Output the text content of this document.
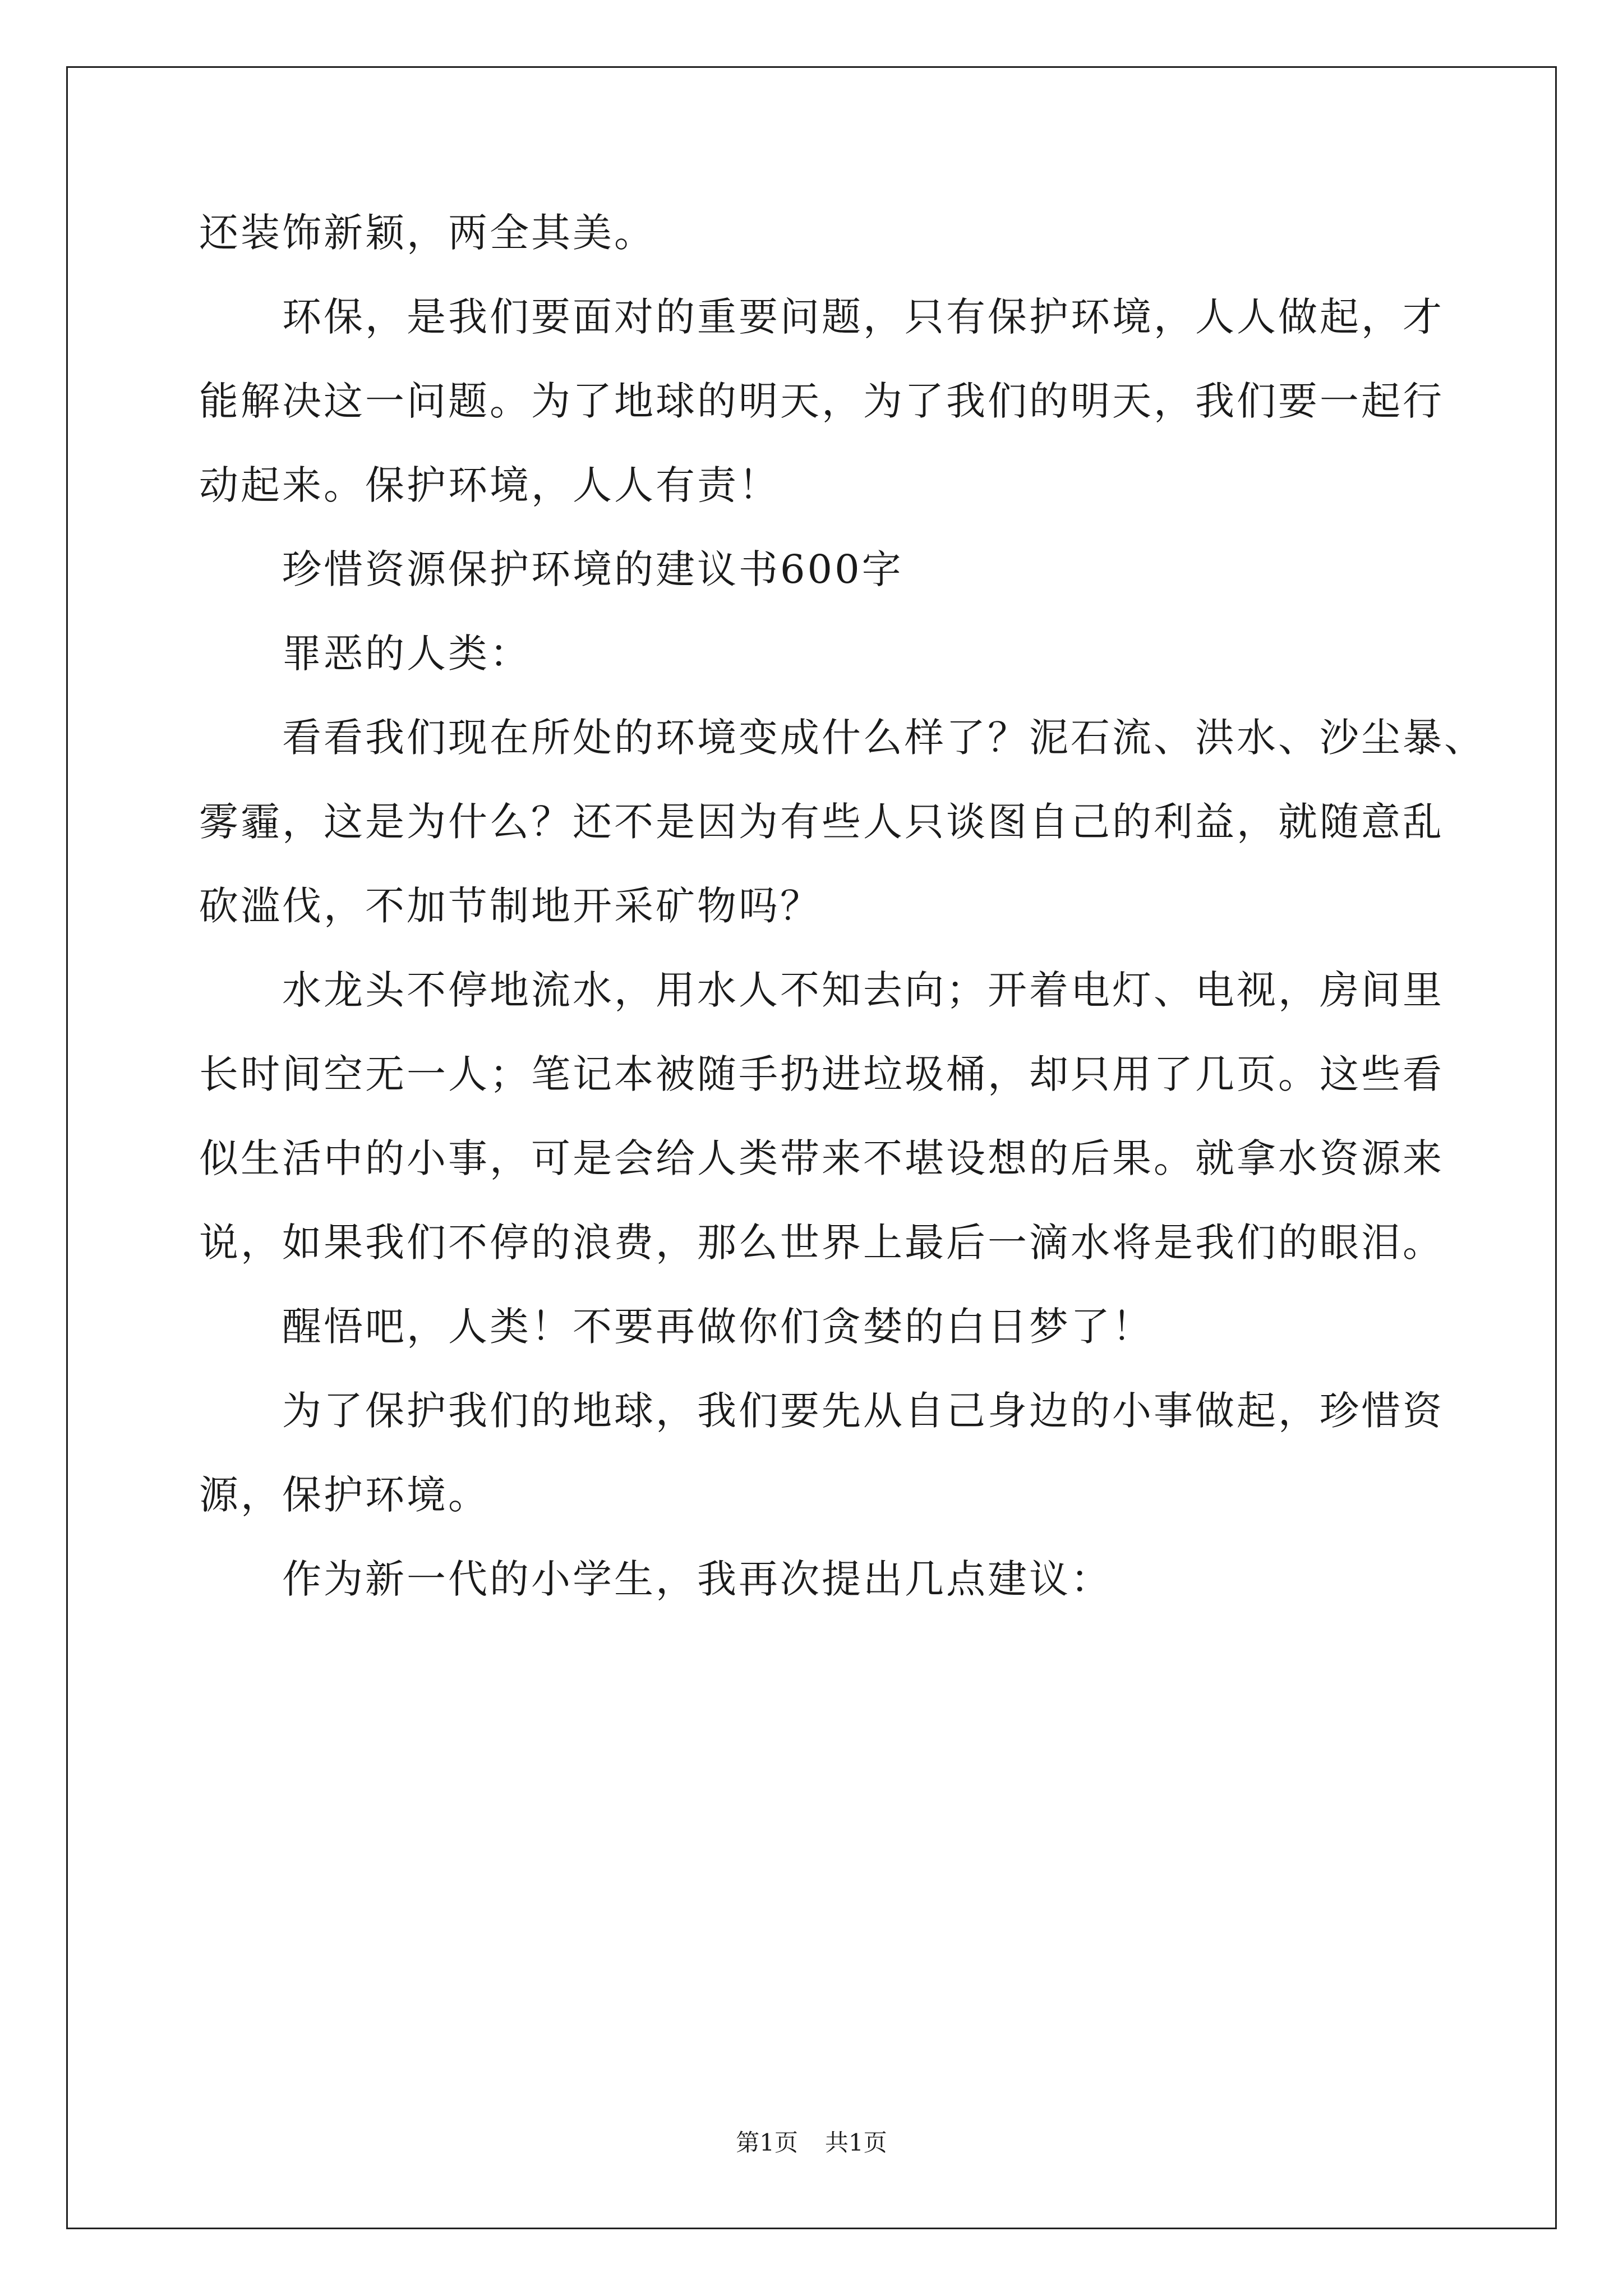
还装饰新颖，两全其美。
环保，是我们要面对的重要问题，只有保护环境，人人做起，才
能解决这一问题。为了地球的明天，为了我们的明天，我们要一起行
动起来。保护环境，人人有责！
珍惜资源保护环境的建议书600字
罪恶的人类：
看看我们现在所处的环境变成什么样了？泥石流、洪水、沙尘暴、
雾霾，这是为什么？还不是因为有些人只谈图自己的利益，就随意乱
砍滥伐，不加节制地开采矿物吗？
水龙头不停地流水，用水人不知去向；开着电灯、电视，房间里
长时间空无一人；笔记本被随手扔进垃圾桶，却只用了几页。这些看
似生活中的小事，可是会给人类带来不堪设想的后果。就拿水资源来
说，如果我们不停的浪费，那么世界上最后一滴水将是我们的眼泪。
醒悟吧，人类！不要再做你们贪婪的白日梦了！
为了保护我们的地球，我们要先从自己身边的小事做起，珍惜资
源，保护环境。
作为新一代的小学生，我再次提出几点建议：
第1页 共1页
